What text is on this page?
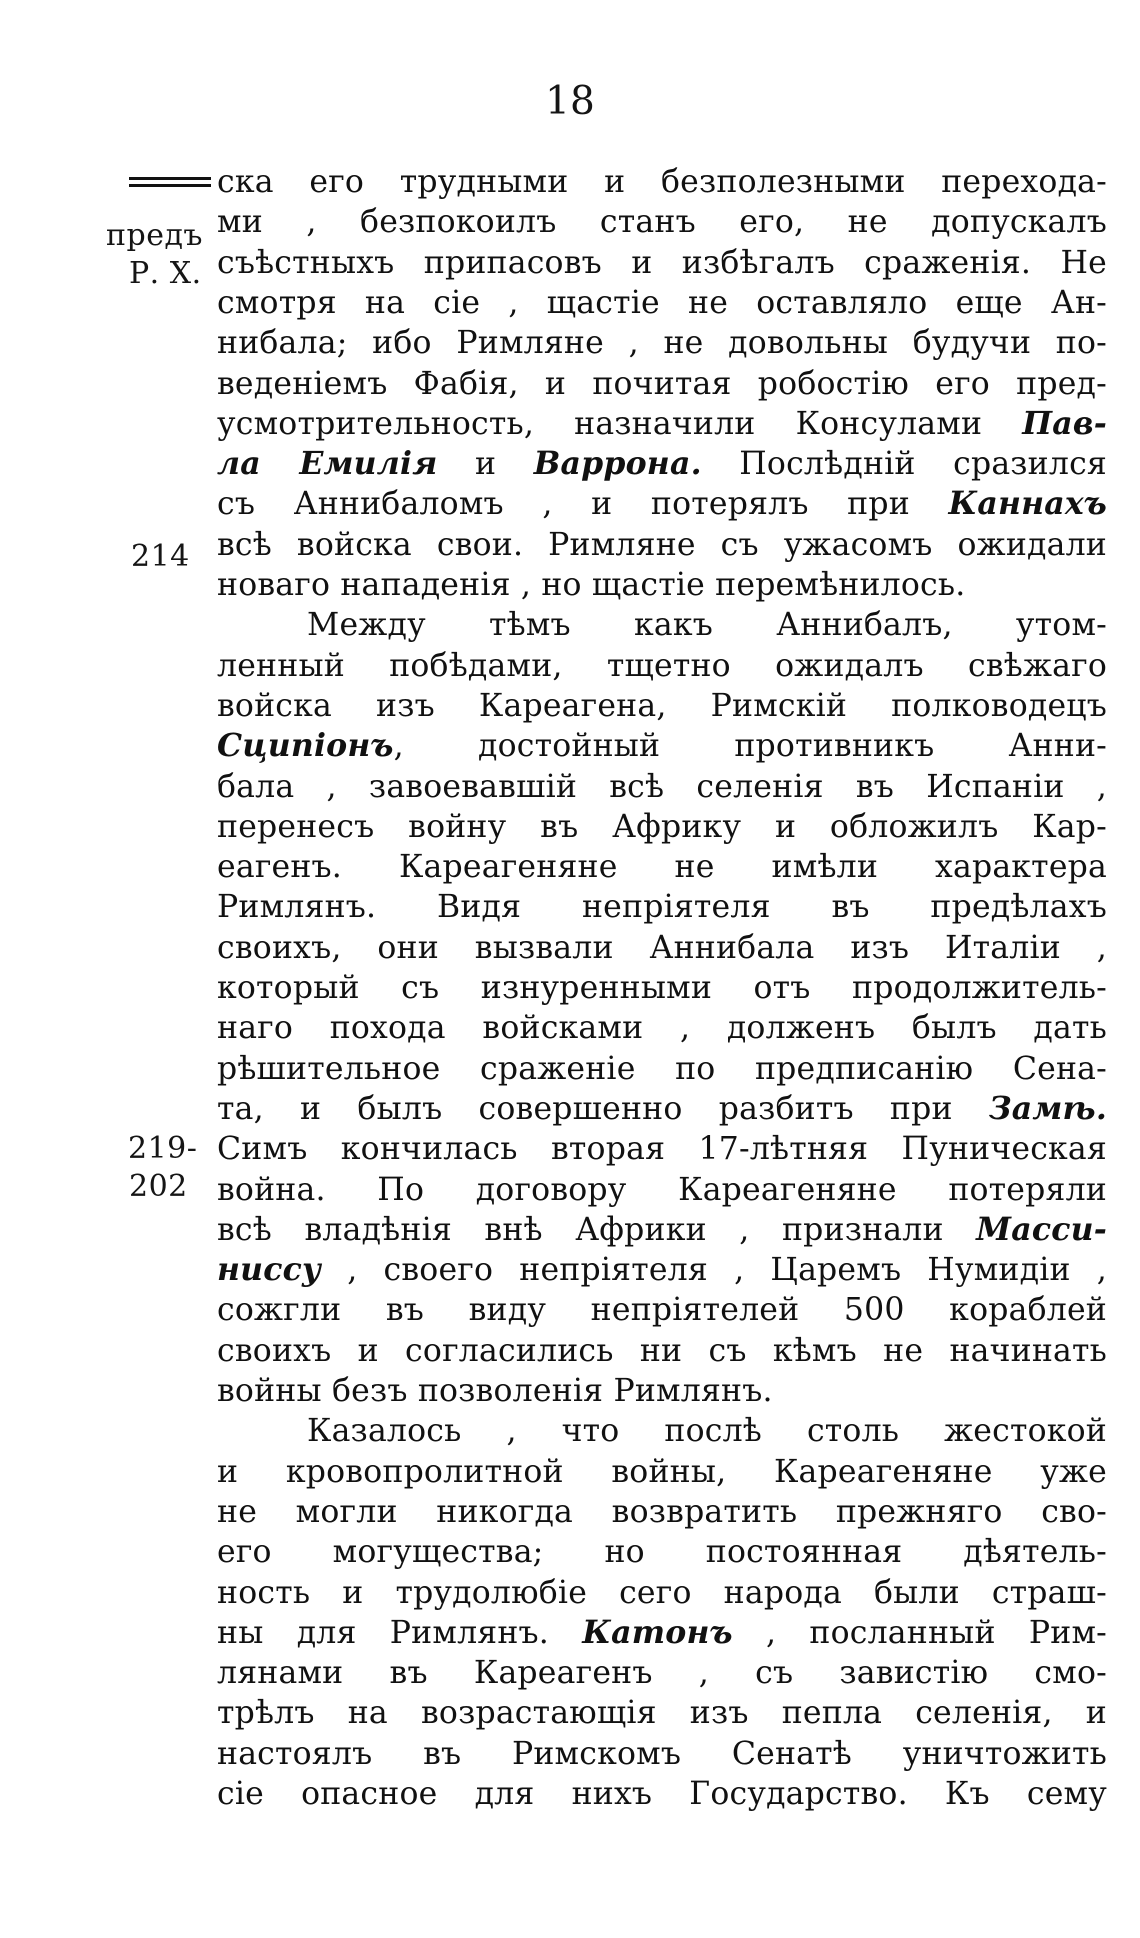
18
предъ
Р. Х.
214
219-
202
ска его трудными и безполезными перехода-
ми , безпокоилъ станъ его, не допускалъ
съѣстныхъ припасовъ и избѣгалъ сраженія. Не
смотря на сіе , щастіе не оставляло еще Ан-
нибала; ибо Римляне , не довольны будучи по-
веденіемъ Фабія, и почитая робостію его пред-
усмотрительность, назначили Консулами Пав-
ла Емилія и Варрона. Послѣдній сразился
съ Аннибаломъ , и потерялъ при Каннахъ
всѣ войска свои. Римляне съ ужасомъ ожидали
новаго нападенія , но щастіе перемѣнилось.
Между тѣмъ какъ Аннибалъ, утом-
ленный побѣдами, тщетно ожидалъ свѣжаго
войска изъ Кареагена, Римскій полководецъ
Сципіонъ, достойный противникъ Анни-
бала , завоевавшій всѣ селенія въ Испаніи ,
перенесъ войну въ Африку и обложилъ Кар-
еагенъ. Кареагеняне не имѣли характера
Римлянъ. Видя непріятеля въ предѣлахъ
своихъ, они вызвали Аннибала изъ Италіи ,
который съ изнуренными отъ продолжитель-
наго похода войсками , долженъ былъ дать
рѣшительное сраженіе по предписанію Сена-
та, и былъ совершенно разбитъ при Замѣ.
Симъ кончилась вторая 17-лѣтняя Пуническая
война. По договору Кареагеняне потеряли
всѣ владѣнія внѣ Африки , признали Масси-
ниссу , своего непріятеля , Царемъ Нумидіи ,
сожгли въ виду непріятелей 500 кораблей
своихъ и согласились ни съ кѣмъ не начинать
войны безъ позволенія Римлянъ.
Казалось , что послѣ столь жестокой
и кровопролитной войны, Кареагеняне уже
не могли никогда возвратить прежняго сво-
его могущества; но постоянная дѣятель-
ность и трудолюбіе сего народа были страш-
ны для Римлянъ. Катонъ , посланный Рим-
лянами въ Кареагенъ , съ завистію смо-
трѣлъ на возрастающія изъ пепла селенія, и
настоялъ въ Римскомъ Сенатѣ уничтожить
сіе опасное для нихъ Государство. Къ сему
